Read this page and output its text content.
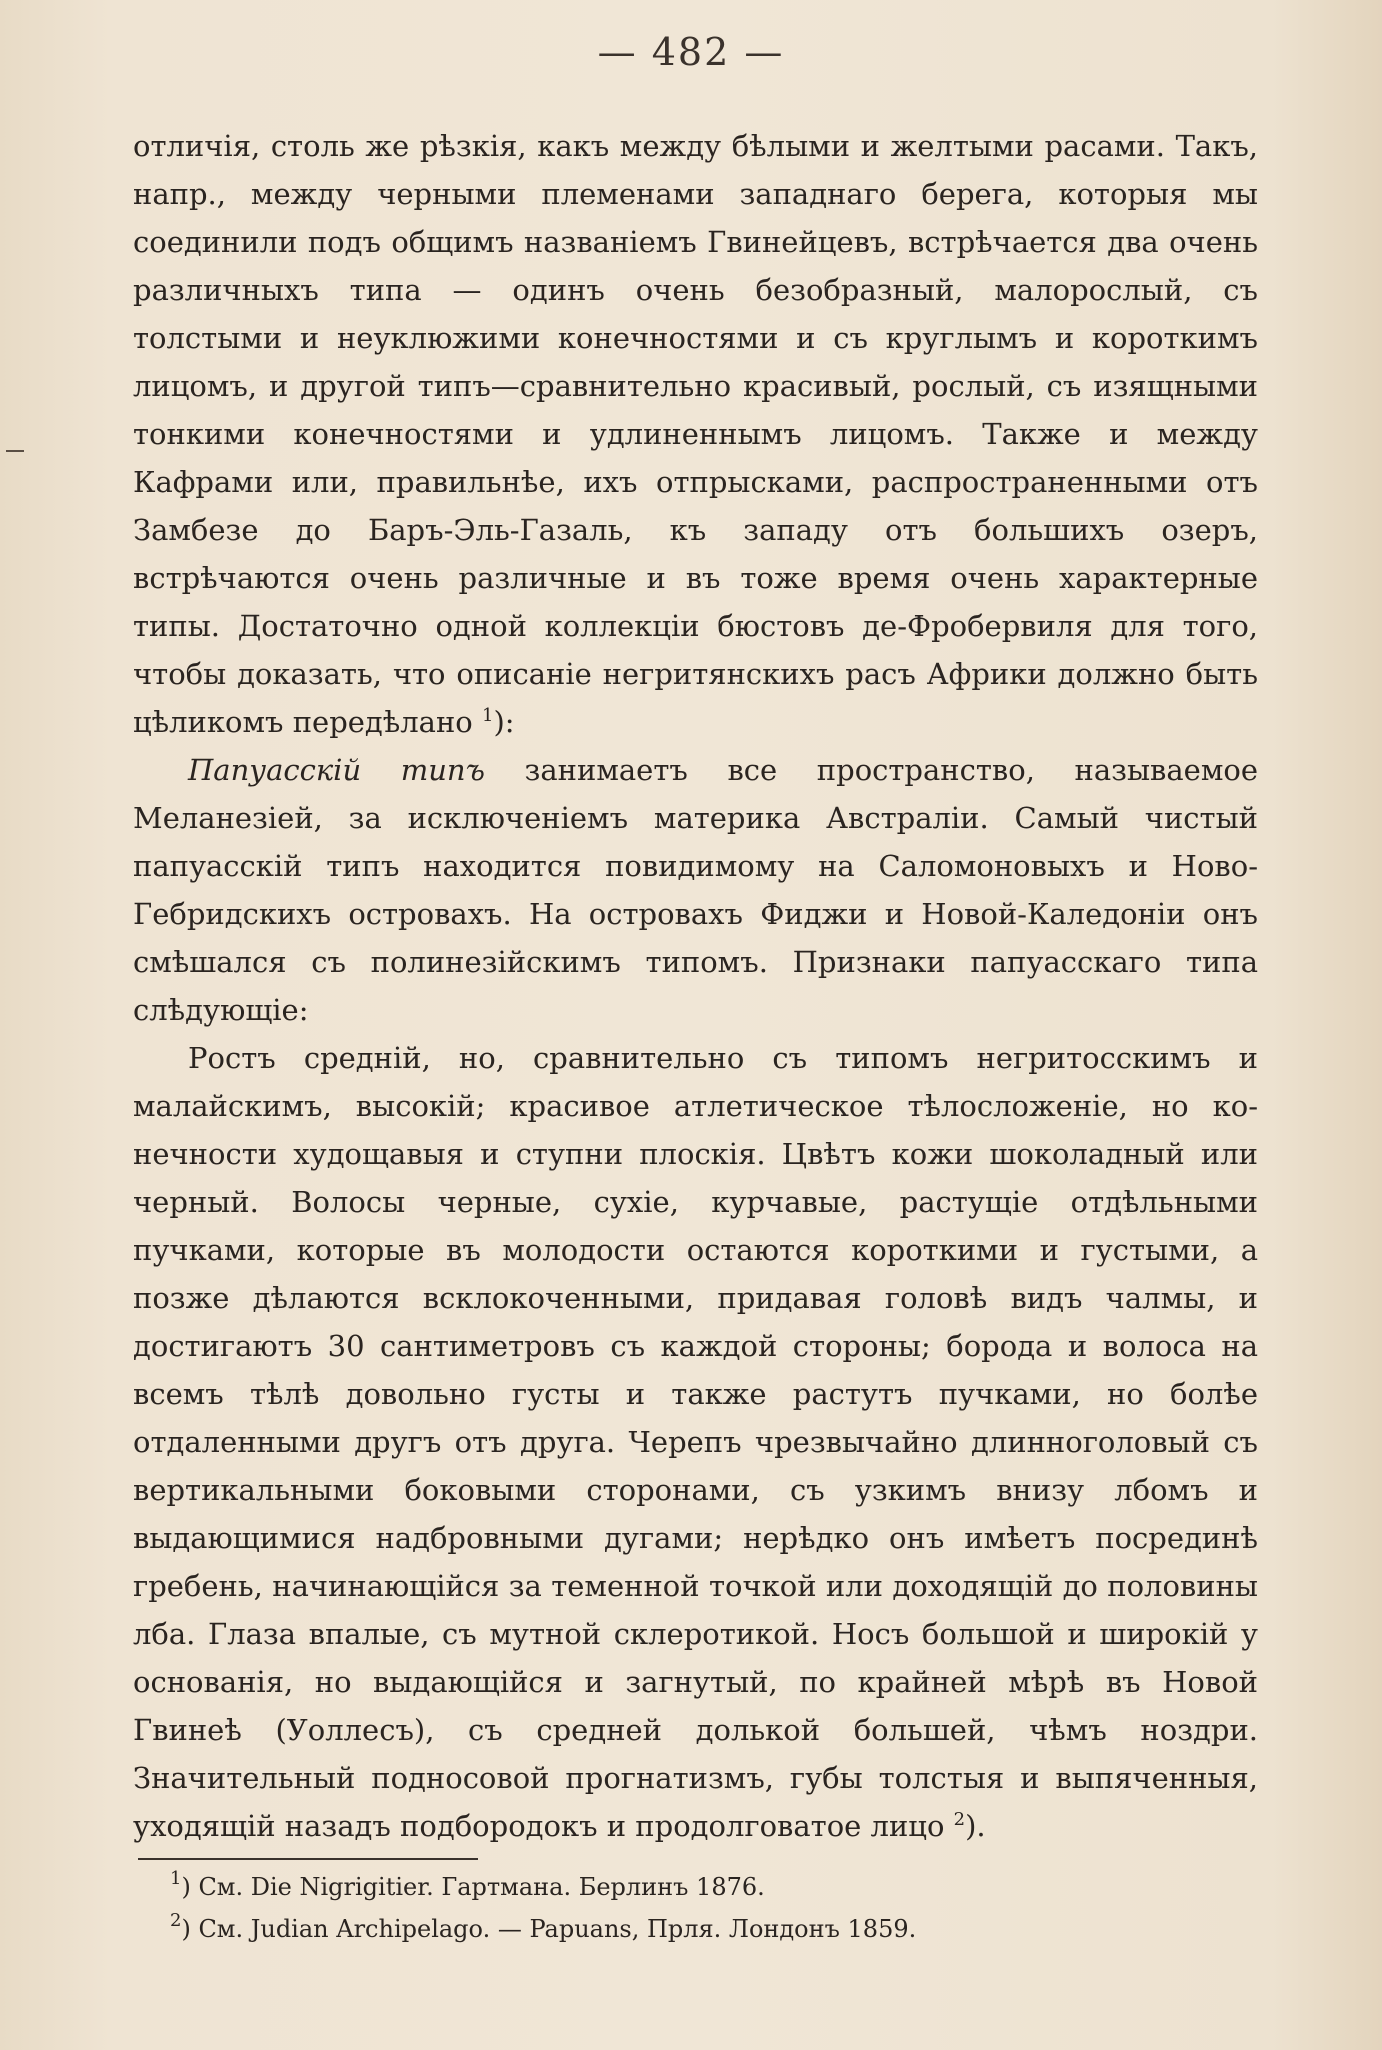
— 482 —

отличія, столь же рѣзкія, какъ между бѣлыми и желтыми расами. Такъ, напр., между черными племенами западнаго берега, которыя мы соединили подъ общимъ названіемъ Гвинейцевъ, встрѣчается два очень различныхъ типа — одинъ очень безобразный, малорослый, съ толстыми и неуклюжими конечностями и съ круглымъ и короткимъ лицомъ, и другой типъ—сравнительно красивый, рослый, съ изящными тонкими конечностями и удлиненнымъ лицомъ. Также и между Кафрами или, правильнѣе, ихъ отпрысками, распространенными отъ Замбезе до Баръ-Эль-Газаль, къ западу отъ большихъ озеръ, встрѣчаются очень различные и въ тоже время очень характерные типы. Достаточно одной коллекціи бюстовъ де-Фробервиля для того, чтобы доказать, что описаніе негритянскихъ расъ Африки должно быть цѣликомъ передѣлано $^1$):

Папуасскій типъ занимаетъ все пространство, называемое Меланезіей, за исключеніемъ материка Австраліи. Самый чистый папуасскій типъ находится повидимому на Саломоновыхъ и Ново-Гебридскихъ островахъ. На островахъ Фиджи и Новой-Каледоніи онъ смѣшался съ полинезійскимъ типомъ. Признаки папуасскаго типа слѣдующіе:

Ростъ средній, но, сравнительно съ типомъ негритосскимъ и малайскимъ, высокій; красивое атлетическое тѣлосложеніе, но конечности худощавыя и ступни плоскія. Цвѣтъ кожи шоколадный или черный. Волосы черные, сухіе, курчавые, растущіе отдѣльными пучками, которые въ молодости остаются короткими и густыми, а позже дѣлаются всклокоченными, придавая головѣ видъ чалмы, и достигаютъ 30 сантиметровъ съ каждой стороны; борода и волоса на всемъ тѣлѣ довольно густы и также растутъ пучками, но болѣе отдаленными другъ отъ друга. Черепъ чрезвычайно длинноголовый съ вертикальными боковыми сторонами, съ узкимъ внизу лбомъ и выдающимися надбровными дугами; нерѣдко онъ имѣетъ посрединѣ гребень, начинающійся за теменной точкой или доходящій до половины лба. Глаза впалые, съ мутной склеротикой. Носъ большой и широкій у основанія, но выдающійся и загнутый, по крайней мѣрѣ въ Новой Гвинеѣ (Уоллесъ), съ средней долькой большей, чѣмъ ноздри. Значительный подносовой прогнатизмъ, губы толстыя и выпяченныя, уходящій назадъ подбородокъ и продолговатое лицо $^2$).

$^1$) См. Die Nigrigitier. Гартмана. Берлинъ 1876.

$^2$) См. Judian Archipelago. — Papuans, Прля. Лондонъ 1859.
